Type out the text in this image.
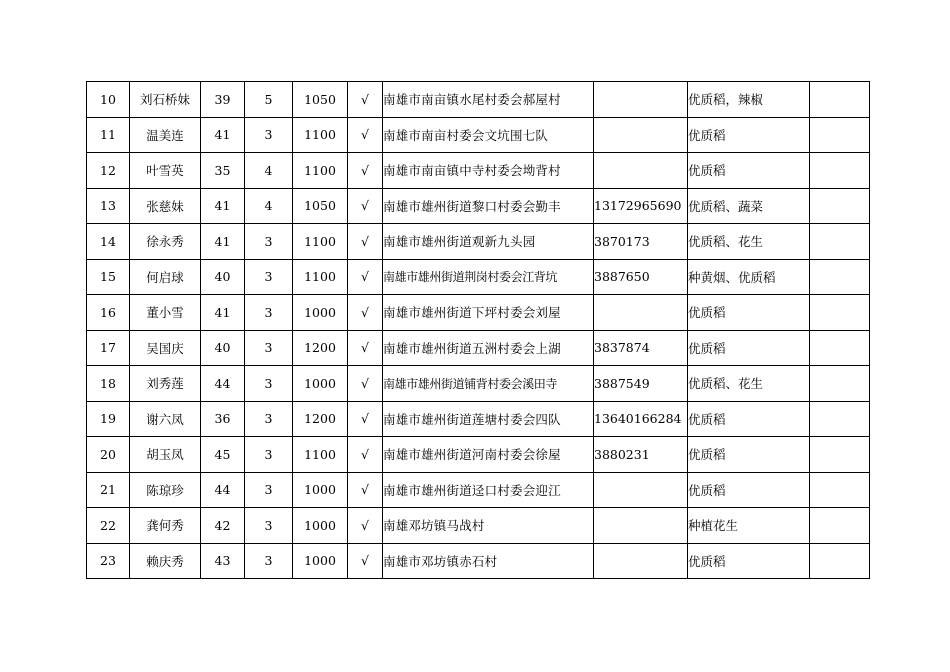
10	刘石桥妹	39	5	1050	√	南雄市南亩镇水尾村委会郝屋村		优质稻，辣椒	
11	温美连	41	3	1100	√	南雄市南亩村委会文坑围七队		优质稻	
12	叶雪英	35	4	1100	√	南雄市南亩镇中寺村委会坳背村		优质稻	
13	张慈妹	41	4	1050	√	南雄市雄州街道黎口村委会勤丰	13172965690	优质稻、蔬菜	
14	徐永秀	41	3	1100	√	南雄市雄州街道观新九头园	3870173	优质稻、花生	
15	何启球	40	3	1100	√	南雄市雄州街道荆岗村委会江背坑	3887650	种黄烟、优质稻	
16	董小雪	41	3	1000	√	南雄市雄州街道下坪村委会刘屋		优质稻	
17	吴国庆	40	3	1200	√	南雄市雄州街道五洲村委会上湖	3837874	优质稻	
18	刘秀莲	44	3	1000	√	南雄市雄州街道铺背村委会溪田寺	3887549	优质稻、花生	
19	谢六凤	36	3	1200	√	南雄市雄州街道莲塘村委会四队	13640166284	优质稻	
20	胡玉凤	45	3	1100	√	南雄市雄州街道河南村委会徐屋	3880231	优质稻	
21	陈琼珍	44	3	1000	√	南雄市雄州街道迳口村委会迎江		优质稻	
22	龚何秀	42	3	1000	√	南雄邓坊镇马战村		种植花生	
23	赖庆秀	43	3	1000	√	南雄市邓坊镇赤石村		优质稻	
